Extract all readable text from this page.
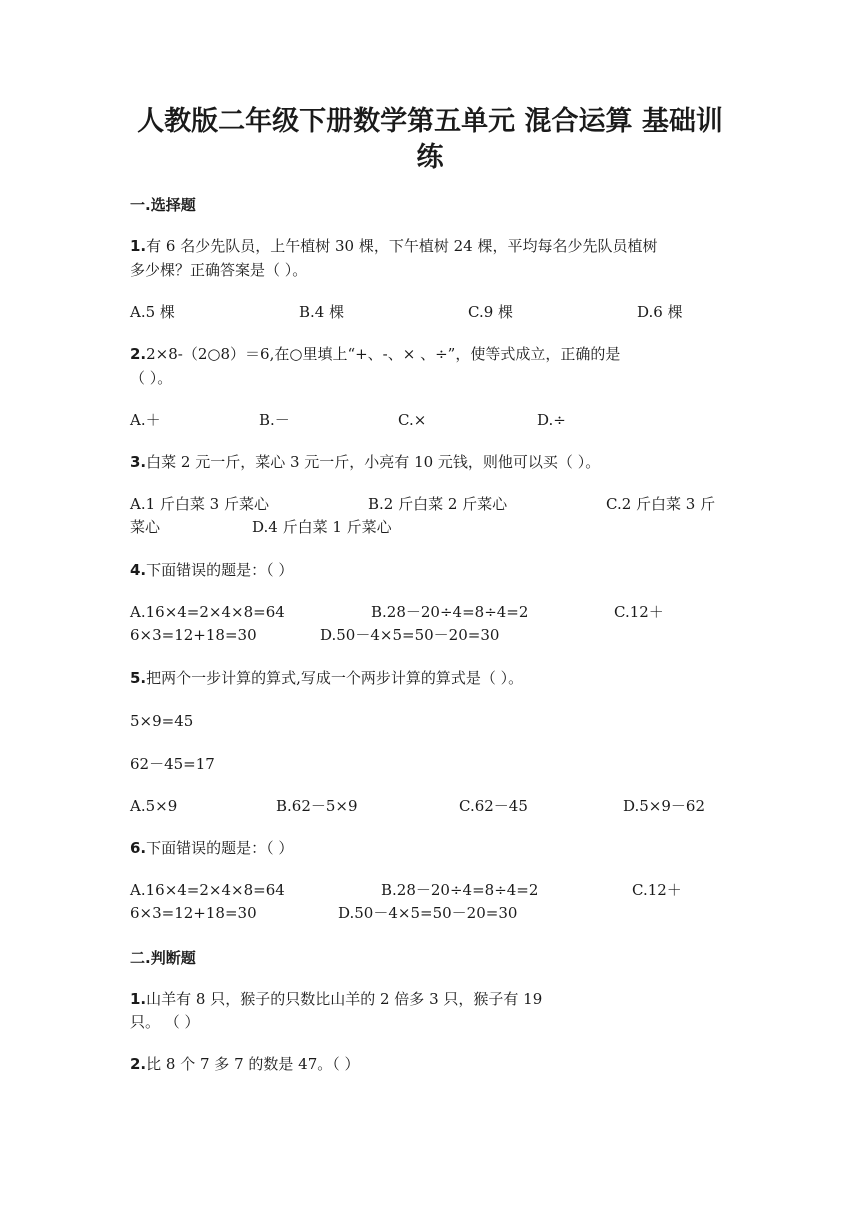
人教版二年级下册数学第五单元 混合运算 基础训
练
一.选择题
1.有 6 名少先队员，上午植树 30 棵，下午植树 24 棵，平均每名少先队员植树
多少棵？正确答案是（ ）。
A.5 棵	B.4 棵	C.9 棵	D.6 棵
2.2×8-（2○8）＝6,在○里填上“+、-、× 、÷”，使等式成立，正确的是
（ ）。
A.＋	B.－	C.×	D.÷
3.白菜 2 元一斤，菜心 3 元一斤，小亮有 10 元钱，则他可以买（ ）。
A.1 斤白菜 3 斤菜心	B.2 斤白菜 2 斤菜心	C.2 斤白菜 3 斤
菜心	D.4 斤白菜 1 斤菜心
4.下面错误的题是：（ ）
A.16×4=2×4×8=64	B.28－20÷4=8÷4=2	C.12＋
6×3=12+18=30	D.50－4×5=50－20=30
5.把两个一步计算的算式,写成一个两步计算的算式是（ ）。
5×9=45
62－45=17
A.5×9	B.62－5×9	C.62－45	D.5×9－62
6.下面错误的题是：（ ）
A.16×4=2×4×8=64	B.28－20÷4=8÷4=2	C.12＋
6×3=12+18=30	D.50－4×5=50－20=30
二.判断题
1.山羊有 8 只，猴子的只数比山羊的 2 倍多 3 只，猴子有 19
只。 （ ）
2.比 8 个 7 多 7 的数是 47。（ ）
